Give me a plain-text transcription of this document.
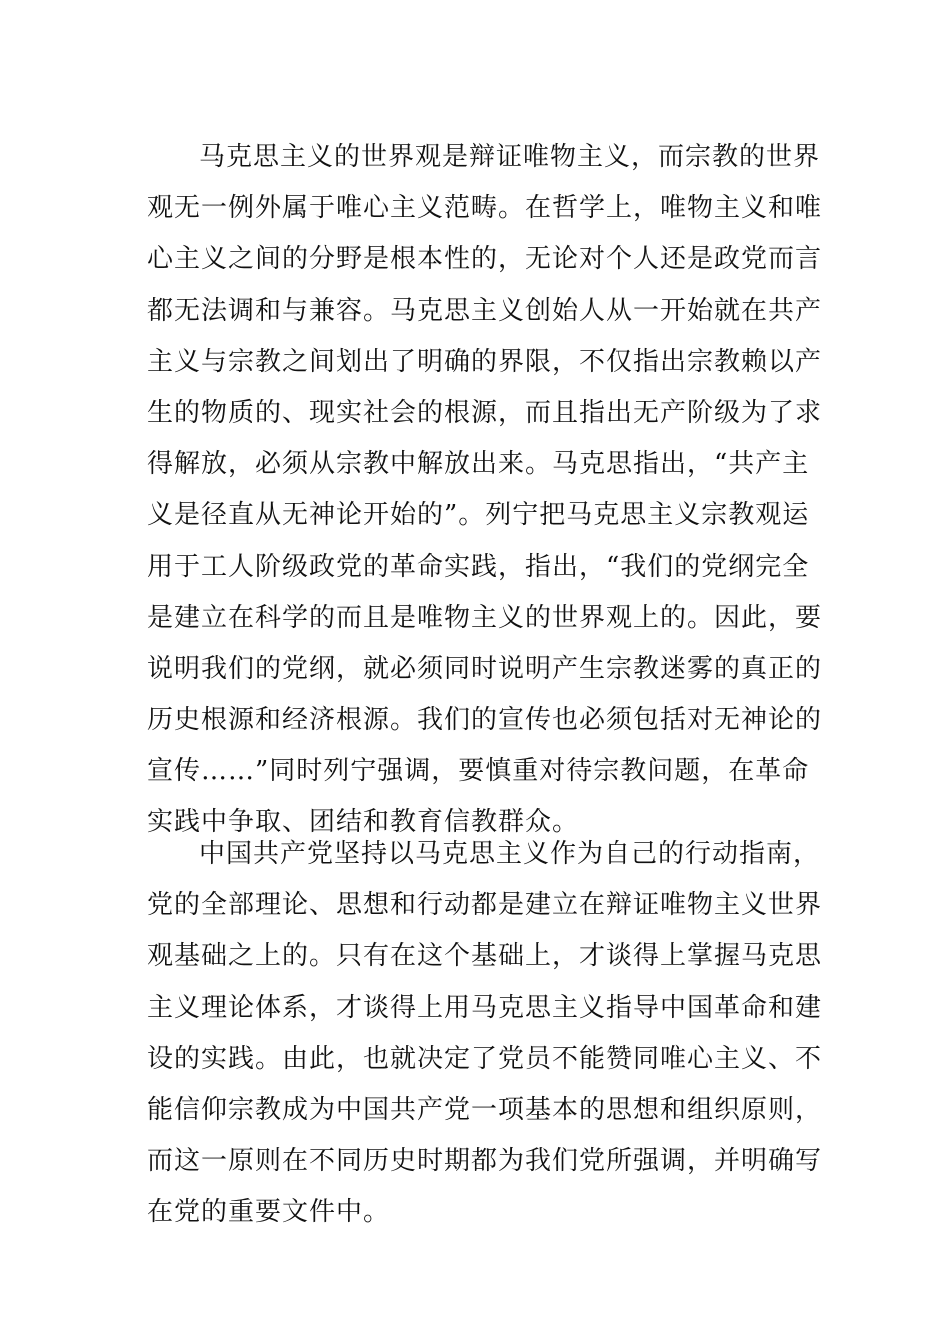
马克思主义的世界观是辩证唯物主义，而宗教的世界
观无一例外属于唯心主义范畴。在哲学上，唯物主义和唯
心主义之间的分野是根本性的，无论对个人还是政党而言
都无法调和与兼容。马克思主义创始人从一开始就在共产
主义与宗教之间划出了明确的界限，不仅指出宗教赖以产
生的物质的、现实社会的根源，而且指出无产阶级为了求
得解放，必须从宗教中解放出来。马克思指出，“共产主
义是径直从无神论开始的”。列宁把马克思主义宗教观运
用于工人阶级政党的革命实践，指出，“我们的党纲完全
是建立在科学的而且是唯物主义的世界观上的。因此，要
说明我们的党纲，就必须同时说明产生宗教迷雾的真正的
历史根源和经济根源。我们的宣传也必须包括对无神论的
宣传……”同时列宁强调，要慎重对待宗教问题，在革命
实践中争取、团结和教育信教群众。
中国共产党坚持以马克思主义作为自己的行动指南，
党的全部理论、思想和行动都是建立在辩证唯物主义世界
观基础之上的。只有在这个基础上，才谈得上掌握马克思
主义理论体系，才谈得上用马克思主义指导中国革命和建
设的实践。由此，也就决定了党员不能赞同唯心主义、不
能信仰宗教成为中国共产党一项基本的思想和组织原则，
而这一原则在不同历史时期都为我们党所强调，并明确写
在党的重要文件中。
